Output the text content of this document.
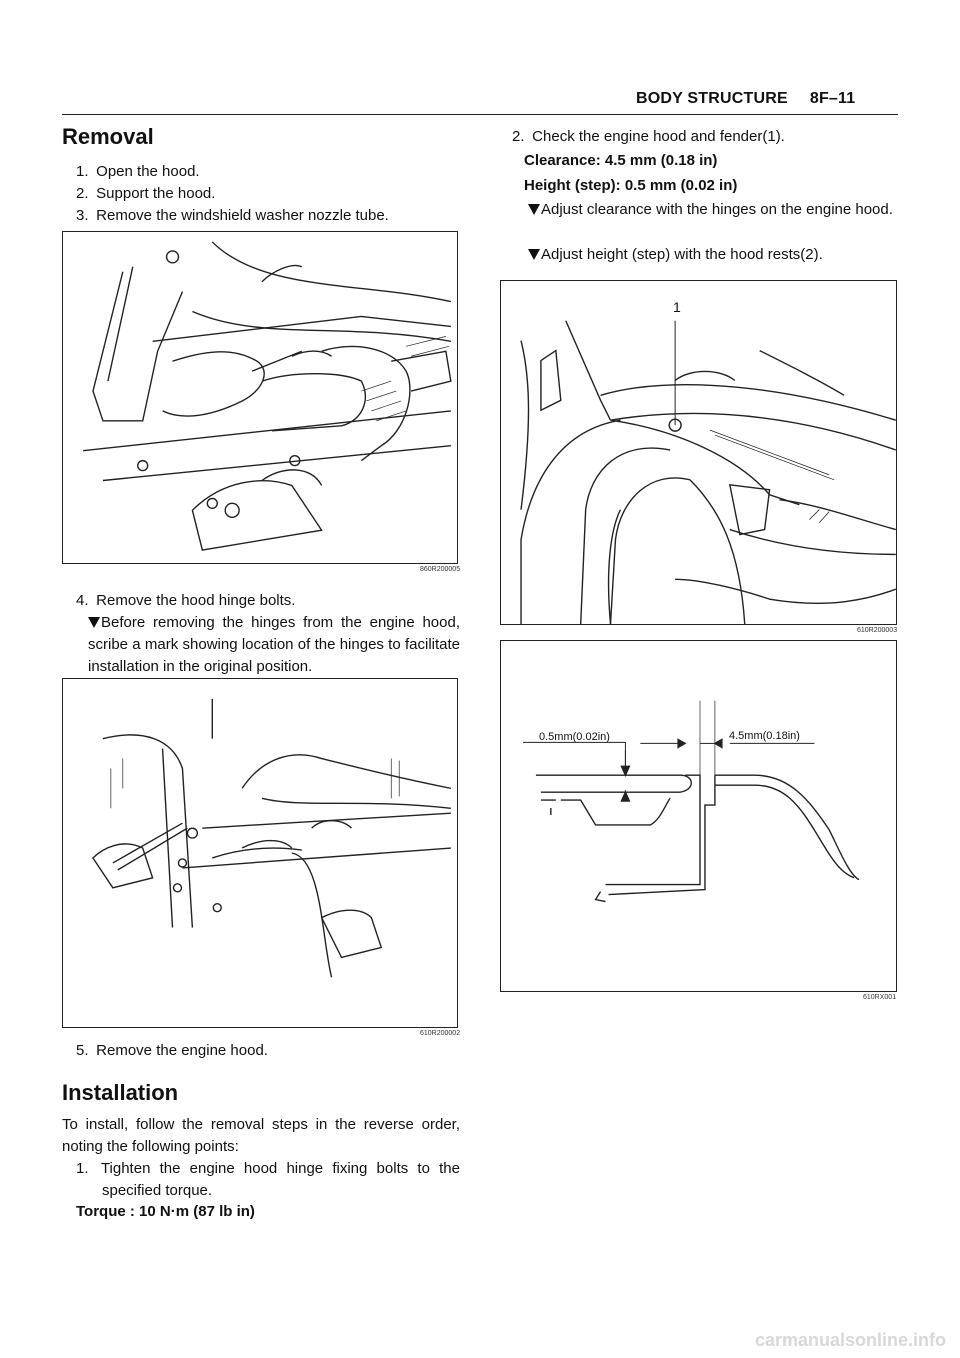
BODY STRUCTURE 8F–11
Removal
1. Open the hood.
2. Support the hood.
3. Remove the windshield washer nozzle tube.
860R200005
4. Remove the hood hinge bolts.
Before removing the hinges from the engine hood, scribe a mark showing location of the hinges to facilitate installation in the original position.
610R200002
5. Remove the engine hood.
Installation
To install, follow the removal steps in the reverse order, noting the following points:
1. Tighten the engine hood hinge fixing bolts to the specified torque.
Torque : 10 N·m (87 lb in)
2. Check the engine hood and fender(1).
Clearance: 4.5 mm (0.18 in)
Height (step): 0.5 mm (0.02 in)
Adjust clearance with the hinges on the engine hood.
Adjust height (step) with the hood rests(2).
1
610R200003
0.5mm(0.02in)	4.5mm(0.18in)
610RX001
carmanualsonline.info
